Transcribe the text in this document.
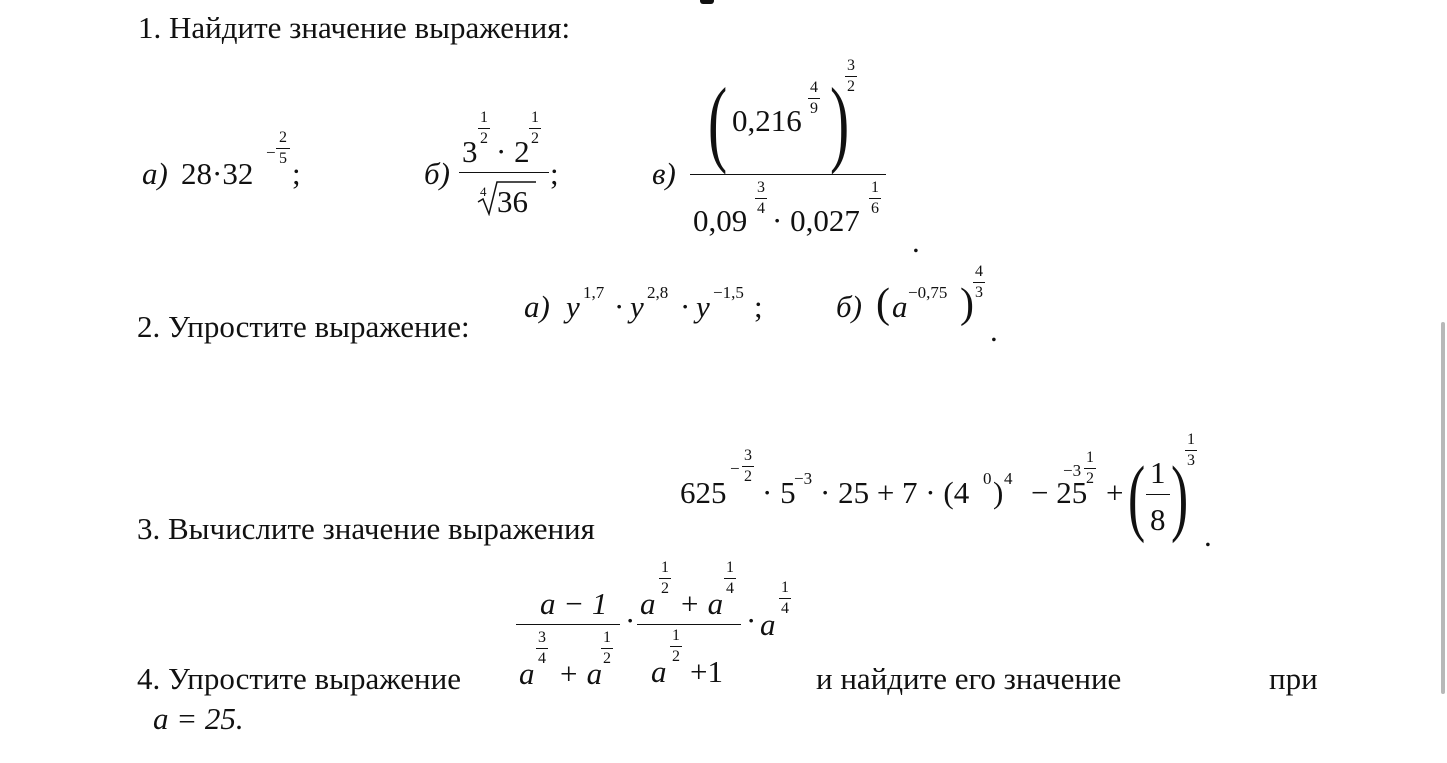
1. Найдите значение выражения:
а) 28·32
−
2
5 ;	б)
3
1
2 · 2
1
2
4 36
;	в) ( 0,216
4
9 )
3
2
0,09
3
4 · 0,027
1
6
.
2. Упростите выражение:
а) y 1,7 · y 2,8 · y −1,5 ; б) ( a −0,75 )
4
3
.
3. Вычислите значение выражения
625
−
3
2 · 5
−3 · 25 + 7 · (4 0 ) 4 − 25
−3
1
2 + ( 1
8 )
1
3
.
4. Упростите выражение
a − 1
a
3
4 + a
1
2
· a
1
2 + a
1
4
a
1
2 +1
· a
1
4
и найдите его значение	при
a = 25.
